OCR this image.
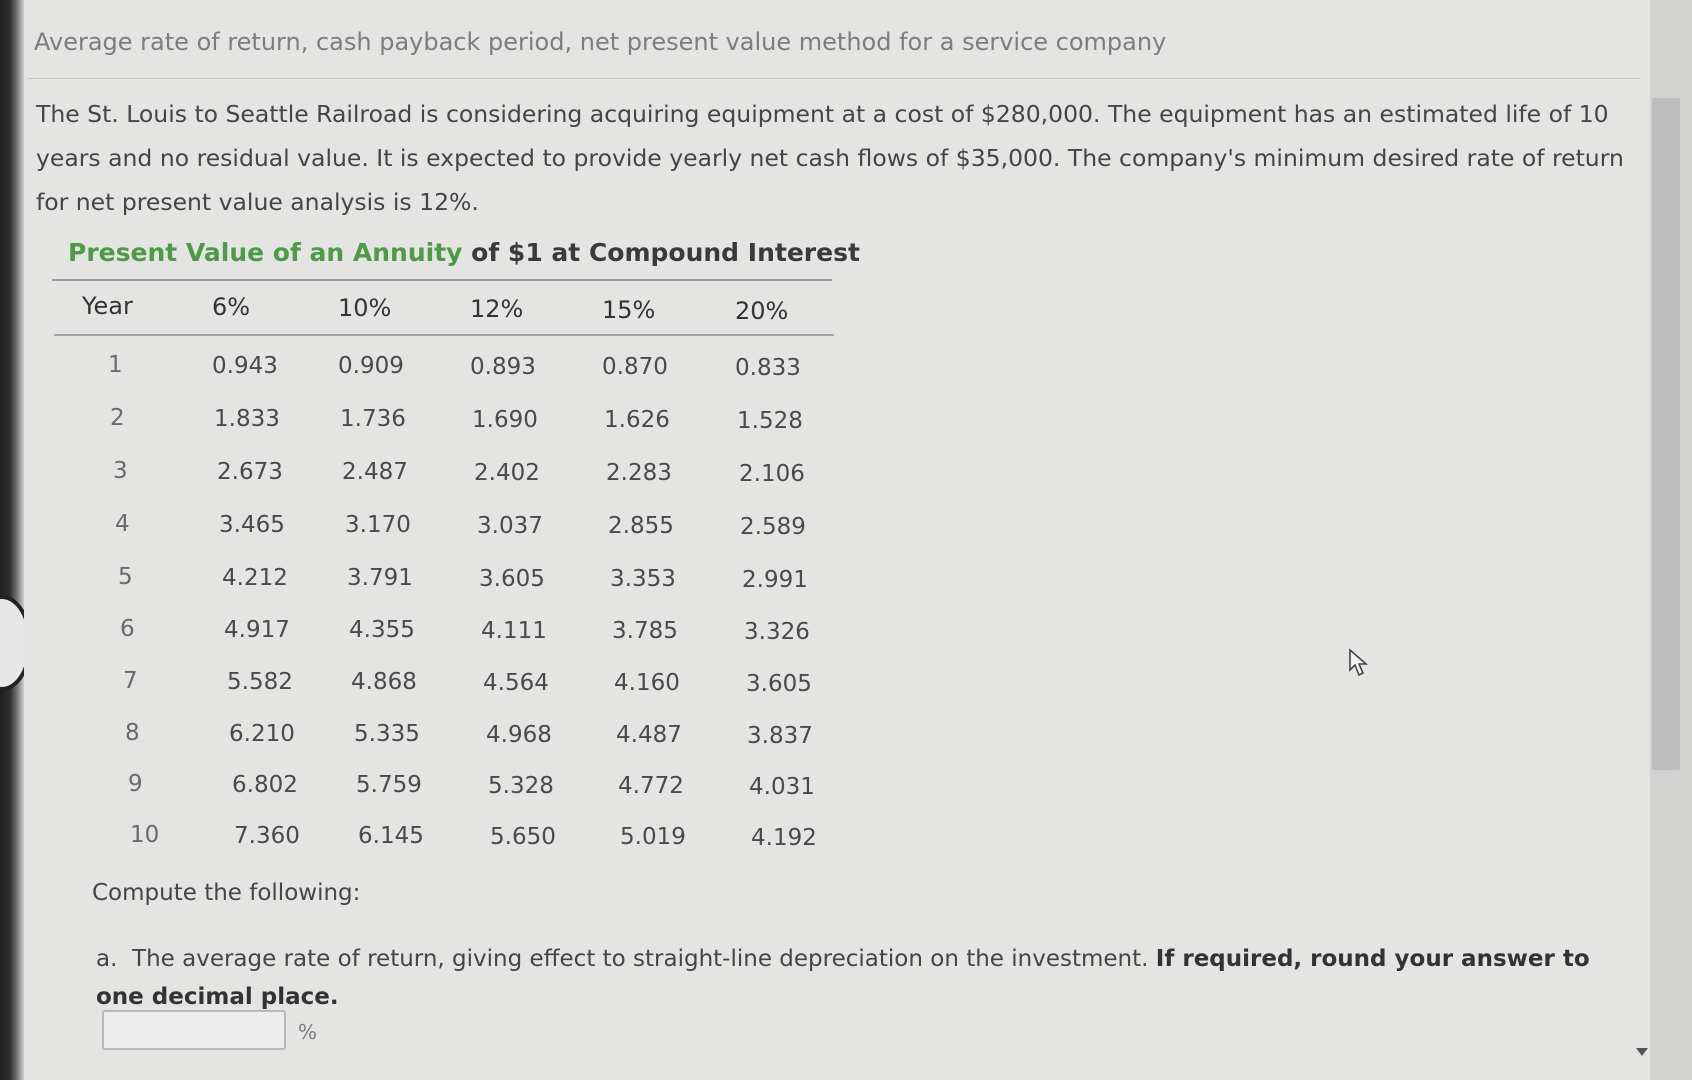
Average rate of return, cash payback period, net present value method for a service company
The St. Louis to Seattle Railroad is considering acquiring equipment at a cost of $280,000. The equipment has an estimated life of 10 years and no residual value. It is expected to provide yearly net cash flows of $35,000. The company's minimum desired rate of return for net present value analysis is 12%.
Present Value of an Annuity of $1 at Compound Interest
Year	6%	10%	12%	15%	20%
1	0.943	0.909	0.893	0.870	0.833
2	1.833	1.736	1.690	1.626	1.528
3	2.673	2.487	2.402	2.283	2.106
4	3.465	3.170	3.037	2.855	2.589
5	4.212	3.791	3.605	3.353	2.991
6	4.917	4.355	4.111	3.785	3.326
7	5.582	4.868	4.564	4.160	3.605
8	6.210	5.335	4.968	4.487	3.837
9	6.802	5.759	5.328	4.772	4.031
10	7.360	6.145	5.650	5.019	4.192
Compute the following:
a. The average rate of return, giving effect to straight-line depreciation on the investment. If required, round your answer to one decimal place.
%
